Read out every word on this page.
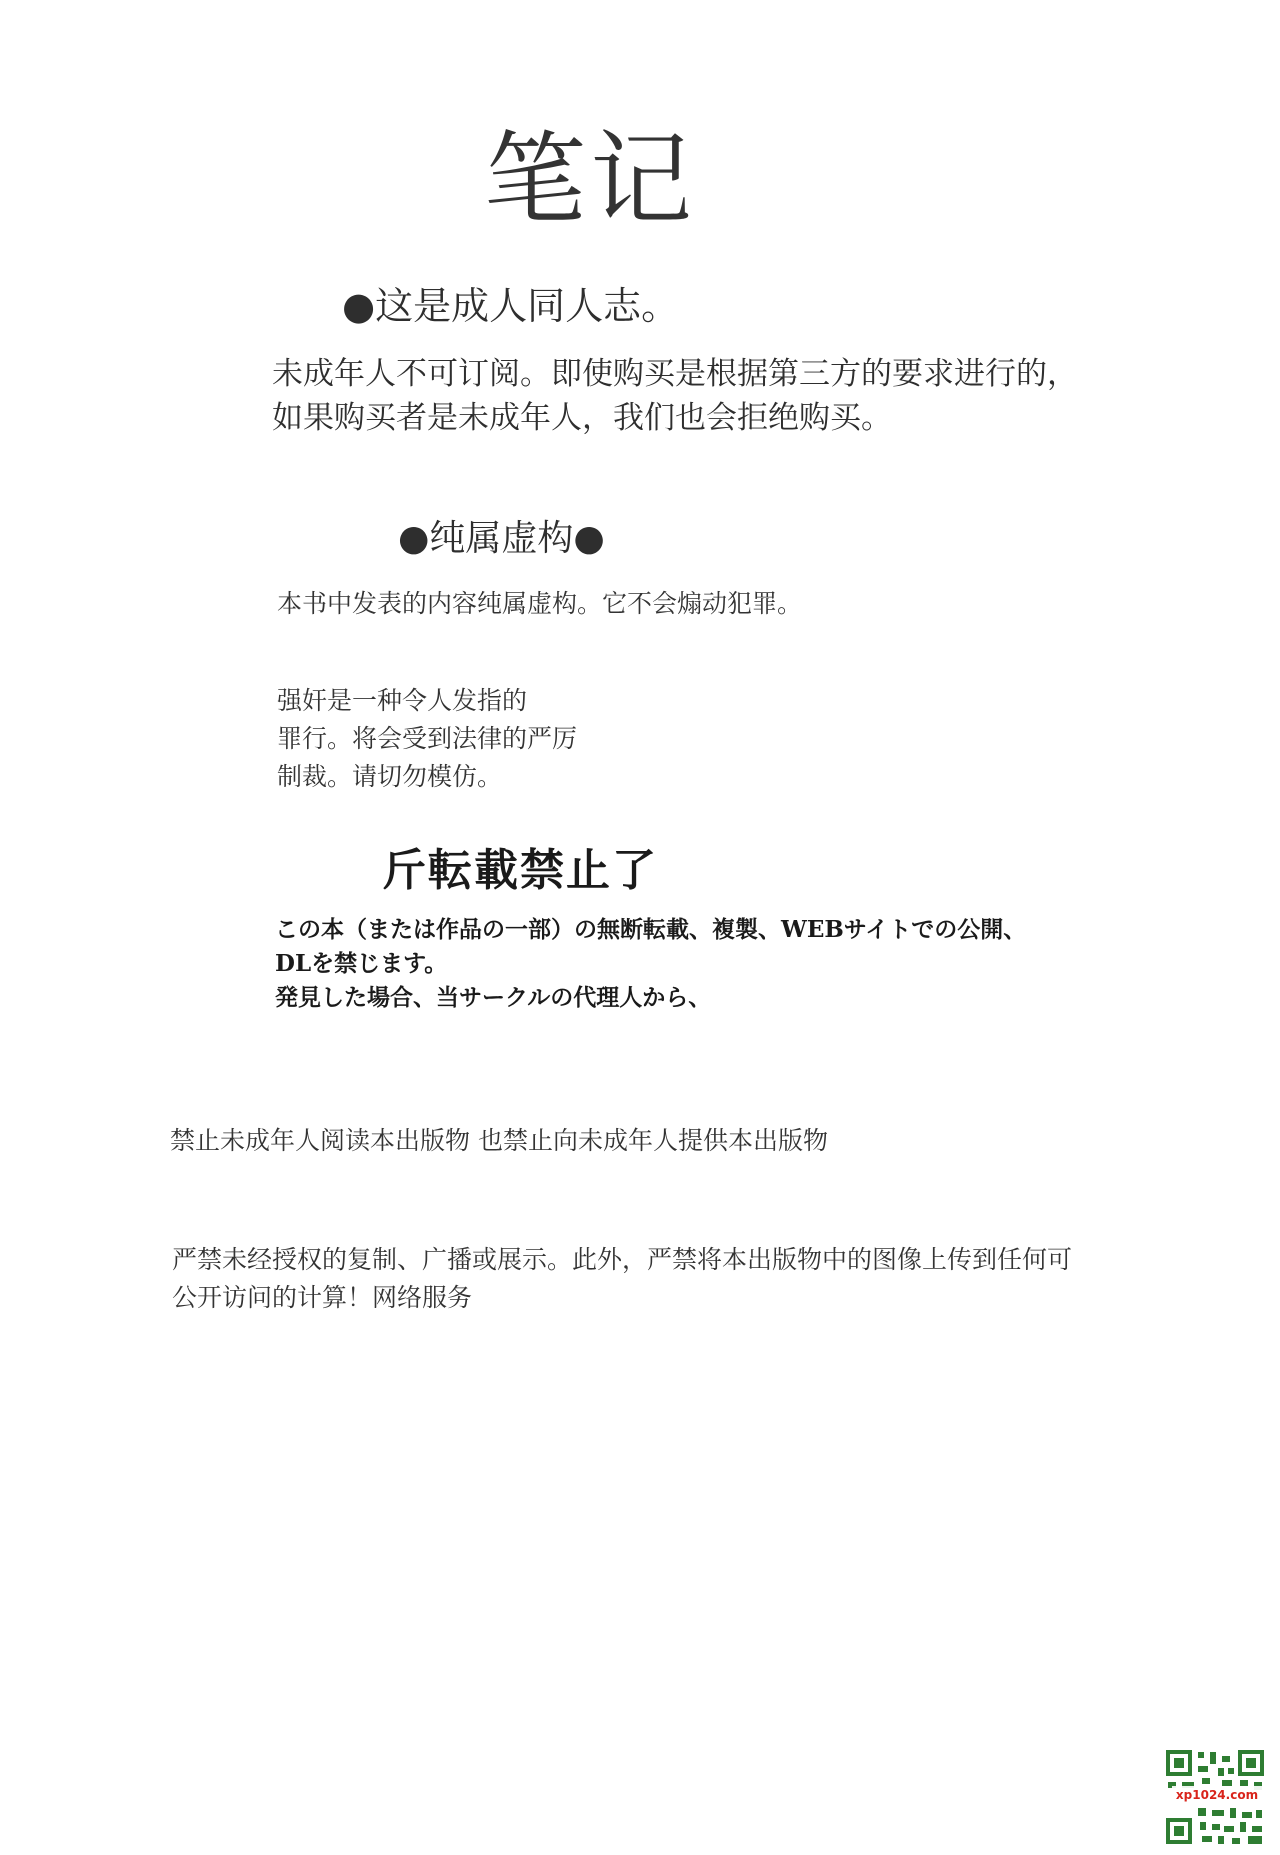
笔记
●这是成人同人志。
未成年人不可订阅。即使购买是根据第三方的要求进行的，
如果购买者是未成年人，我们也会拒绝购买。
●纯属虚构●
本书中发表的内容纯属虚构。它不会煽动犯罪。
强奸是一种令人发指的
罪行。将会受到法律的严厉
制裁。请切勿模仿。
斤転載禁止了
この本（または作品の一部）の無断転載、複製、WEBサイトでの公開、
DLを禁じます。
発見した場合、当サークルの代理人から、
禁止未成年人阅读本出版物 也禁止向未成年人提供本出版物
严禁未经授权的复制、广播或展示。此外，严禁将本出版物中的图像上传到任何可
公开访问的计算！网络服务
xp1024.com
